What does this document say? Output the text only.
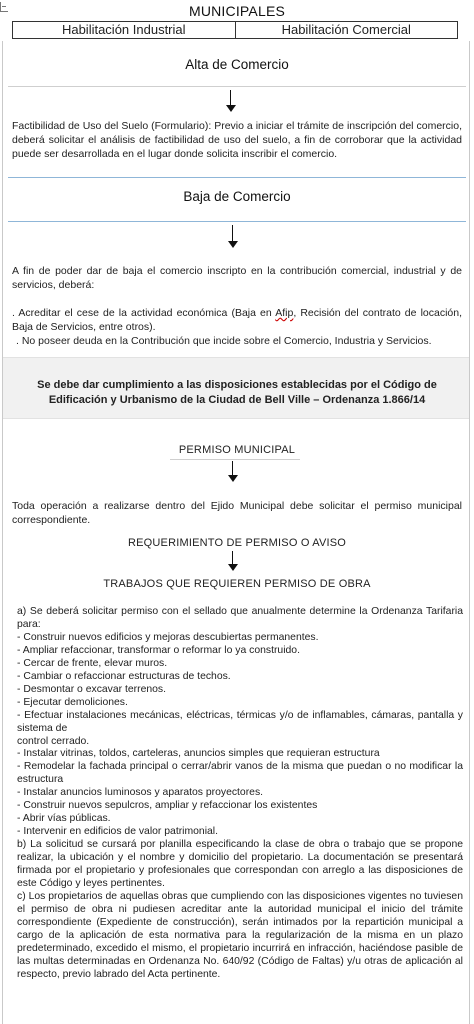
MUNICIPALES
Habilitación Industrial	Habilitación Comercial
Alta de Comercio
Factibilidad de Uso del Suelo (Formulario): Previo a iniciar el trámite de inscripción del comercio, deberá solicitar el análisis de factibilidad de uso del suelo, a fin de corroborar que la actividad puede ser desarrollada en el lugar donde solicita inscribir el comercio.
Baja de Comercio
A fin de poder dar de baja el comercio inscripto en la contribución comercial, industrial y de servicios, deberá:
. Acreditar el cese de la actividad económica (Baja en Afip, Recisión del contrato de locación, Baja de Servicios, entre otros).
. No poseer deuda en la Contribución que incide sobre el Comercio, Industria y Servicios.
Se debe dar cumplimiento a las disposiciones establecidas por el Código de Edificación y Urbanismo de la Ciudad de Bell Ville – Ordenanza 1.866/14
PERMISO MUNICIPAL
Toda operación a realizarse dentro del Ejido Municipal debe solicitar el permiso municipal correspondiente.
REQUERIMIENTO DE PERMISO O AVISO
TRABAJOS QUE REQUIEREN PERMISO DE OBRA
a) Se deberá solicitar permiso con el sellado que anualmente determine la Ordenanza Tarifaria para:
- Construir nuevos edificios y mejoras descubiertas permanentes.
- Ampliar refaccionar, transformar o reformar lo ya construido.
- Cercar de frente, elevar muros.
- Cambiar o refaccionar estructuras de techos.
- Desmontar o excavar terrenos.
- Ejecutar demoliciones.
- Efectuar instalaciones mecánicas, eléctricas, térmicas y/o de inflamables, cámaras, pantalla y sistema de
control cerrado.
- Instalar vitrinas, toldos, carteleras, anuncios simples que requieran estructura
- Remodelar la fachada principal o cerrar/abrir vanos de la misma que puedan o no modificar la estructura
- Instalar anuncios luminosos y aparatos proyectores.
- Construir nuevos sepulcros, ampliar y refaccionar los existentes
- Abrir vías públicas.
- Intervenir en edificios de valor patrimonial.
b) La solicitud se cursará por planilla especificando la clase de obra o trabajo que se propone realizar, la ubicación y el nombre y domicilio del propietario. La documentación se presentará firmada por el propietario y profesionales que correspondan con arreglo a las disposiciones de este Código y leyes pertinentes.
c) Los propietarios de aquellas obras que cumpliendo con las disposiciones vigentes no tuviesen el permiso de obra ni pudiesen acreditar ante la autoridad municipal el inicio del trámite correspondiente (Expediente de construcción), serán intimados por la repartición municipal a cargo de la aplicación de esta normativa para la regularización de la misma en un plazo predeterminado, excedido el mismo, el propietario incurrirá en infracción, haciéndose pasible de las multas determinadas en Ordenanza No. 640/92 (Código de Faltas) y/u otras de aplicación al respecto, previo labrado del Acta pertinente.
